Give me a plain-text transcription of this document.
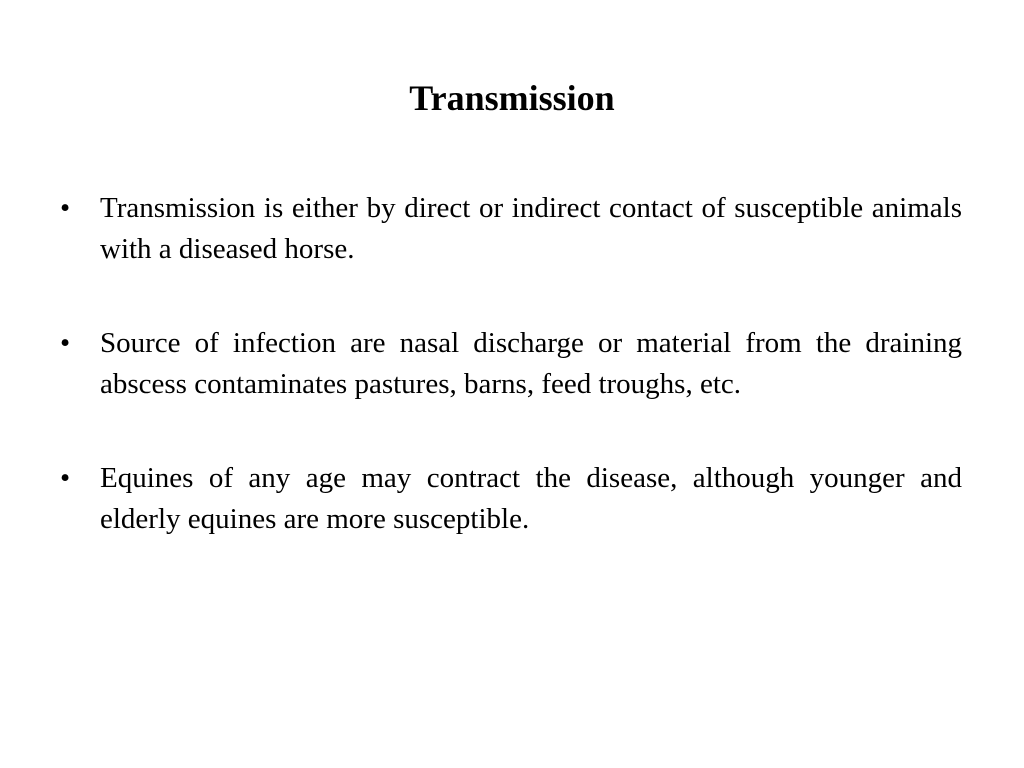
Transmission
• Transmission is either by direct or indirect contact of susceptible animals with a diseased horse.
• Source of infection are nasal discharge or material from the draining abscess contaminates pastures, barns, feed troughs, etc.
• Equines of any age may contract the disease, although younger and elderly equines are more susceptible.
